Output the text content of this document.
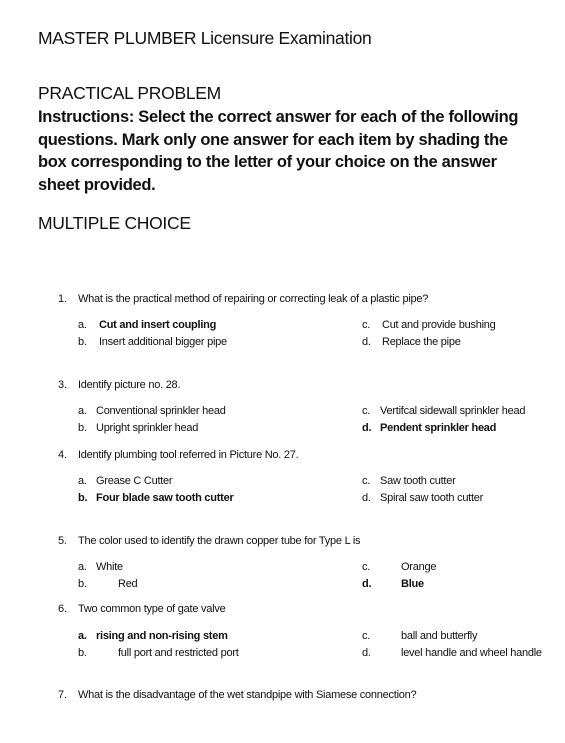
MASTER PLUMBER Licensure Examination
PRACTICAL PROBLEM
Instructions: Select the correct answer for each of the following questions. Mark only one answer for each item by shading the box corresponding to the letter of your choice on the answer sheet provided.
MULTIPLE CHOICE
1. What is the practical method of repairing or correcting leak of a plastic pipe?
a. Cut and insert coupling
b. Insert additional bigger pipe
c. Cut and provide bushing
d. Replace the pipe
3. Identify picture no. 28.
a. Conventional sprinkler head
b. Upright sprinkler head
c. Vertifcal sidewall sprinkler head
d. Pendent sprinkler head
4. Identify plumbing tool referred in Picture No. 27.
a. Grease C Cutter
b. Four blade saw tooth cutter
c. Saw tooth cutter
d. Spiral saw tooth cutter
5. The color used to identify the drawn copper tube for Type L is
a. White
b.	Red
c.	Orange
d.	Blue
6. Two common type of gate valve
a. rising and non-rising stem
b.	full port and restricted port
c.	ball and butterfly
d.	level handle and wheel handle
7. What is the disadvantage of the wet standpipe with Siamese connection?
